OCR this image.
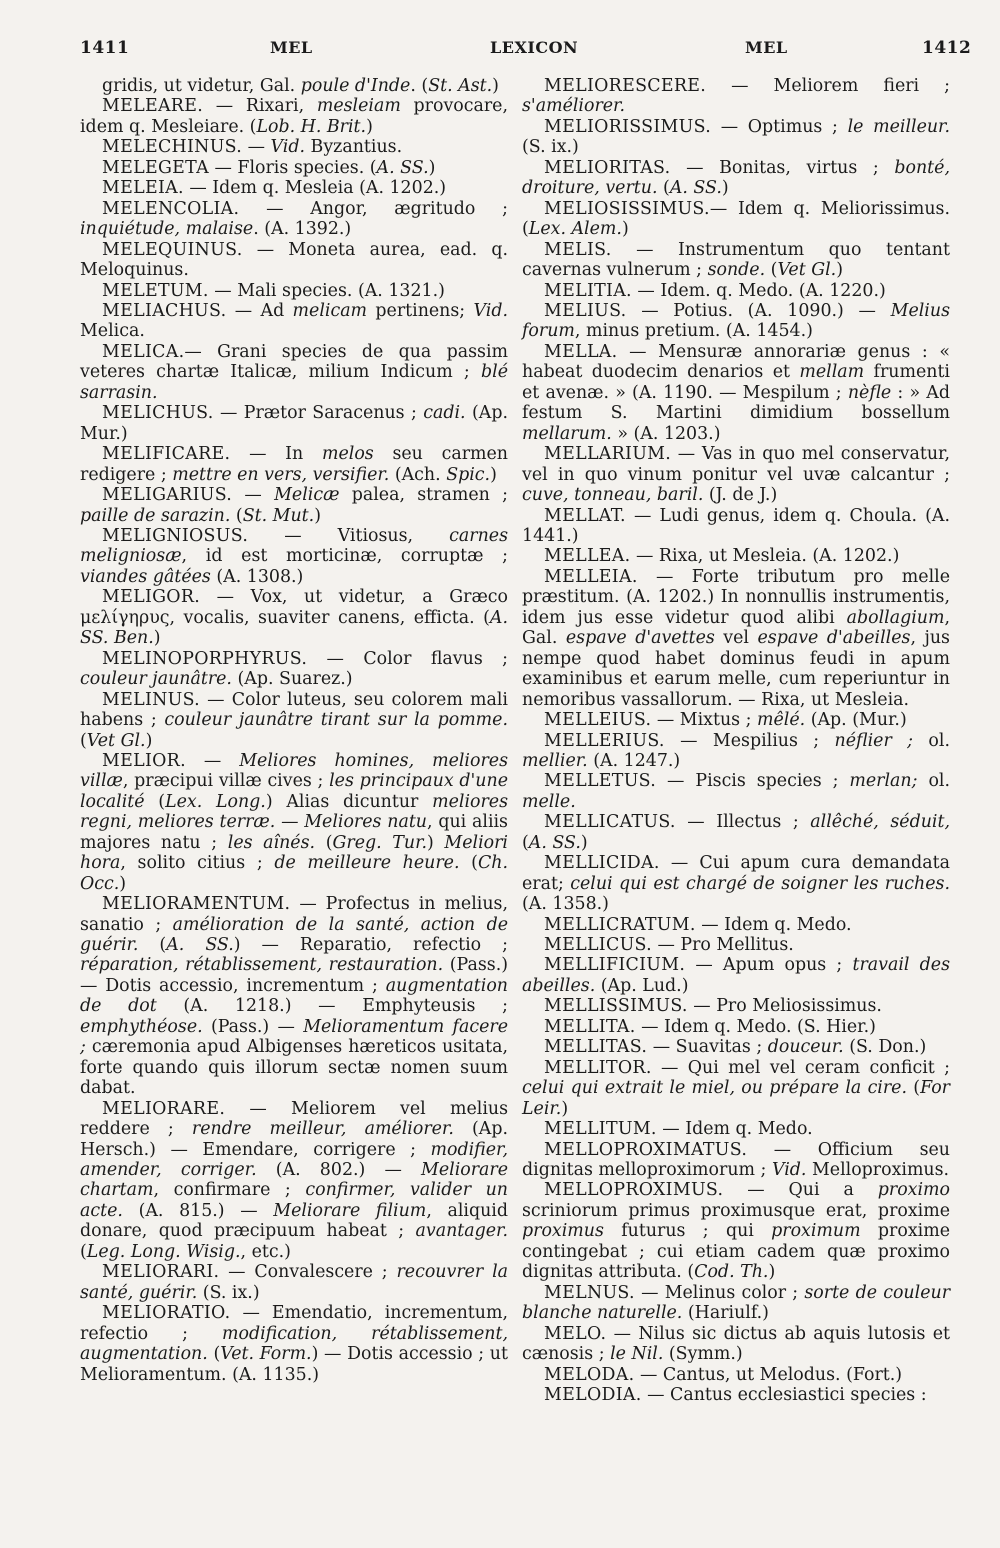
1411	MEL	LEXICON	MEL	1412
gridis, ut videtur, Gal. poule d'Inde. (St. Ast.)
MELEARE. — Rixari, mesleiam provocare, idem q. Mesleiare. (Lob. H. Brit.)
MELECHINUS. — Vid. Byzantius.
MELEGETA — Floris species. (A. SS.)
MELEIA. — Idem q. Mesleia (A. 1202.)
MELENCOLIA. — Angor, ægritudo ; inquiétude, malaise. (A. 1392.)
MELEQUINUS. — Moneta aurea, ead. q. Meloquinus.
MELETUM. — Mali species. (A. 1321.)
MELIACHUS. — Ad melicam pertinens; Vid. Melica.
MELICA.— Grani species de qua passim veteres chartæ Italicæ, milium Indicum ; blé sarrasin.
MELICHUS. — Prætor Saracenus ; cadi. (Ap. Mur.)
MELIFICARE. — In melos seu carmen redigere ; mettre en vers, versifier. (Ach. Spic.)
MELIGARIUS. — Melicæ palea, stramen ; paille de sarazin. (St. Mut.)
MELIGNIOSUS. — Vitiosus, carnes meligniosæ, id est morticinæ, corruptæ ; viandes gâtées (A. 1308.)
MELIGOR. — Vox, ut videtur, a Græco μελίγηρυς, vocalis, suaviter canens, efficta. (A. SS. Ben.)
MELINOPORPHYRUS. — Color flavus ; couleur jaunâtre. (Ap. Suarez.)
MELINUS. — Color luteus, seu colorem mali habens ; couleur jaunâtre tirant sur la pomme. (Vet Gl.)
MELIOR. — Meliores homines, meliores villæ, præcipui villæ cives ; les principaux d'une localité (Lex. Long.) Alias dicuntur meliores regni, meliores terræ. — Meliores natu, qui aliis majores natu ; les aînés. (Greg. Tur.) Meliori hora, solito citius ; de meilleure heure. (Ch. Occ.)
MELIORAMENTUM. — Profectus in melius, sanatio ; amélioration de la santé, action de guérir. (A. SS.) — Reparatio, refectio ; réparation, rétablissement, restauration. (Pass.) — Dotis accessio, incrementum ; augmentation de dot (A. 1218.) — Emphyteusis ; emphythéose. (Pass.) — Melioramentum facere ; cæremonia apud Albigenses hæreticos usitata, forte quando quis illorum sectæ nomen suum dabat.
MELIORARE. — Meliorem vel melius reddere ; rendre meilleur, améliorer. (Ap. Hersch.) — Emendare, corrigere ; modifier, amender, corriger. (A. 802.) — Meliorare chartam, confirmare ; confirmer, valider un acte. (A. 815.) — Meliorare filium, aliquid donare, quod præcipuum habeat ; avantager. (Leg. Long. Wisig., etc.)
MELIORARI. — Convalescere ; recouvrer la santé, guérir. (S. ix.)
MELIORATIO. — Emendatio, incrementum, refectio ; modification, rétablissement, augmentation. (Vet. Form.) — Dotis accessio ; ut Melioramentum. (A. 1135.)
MELIORESCERE. — Meliorem fieri ; s'améliorer.
MELIORISSIMUS. — Optimus ; le meilleur. (S. ix.)
MELIORITAS. — Bonitas, virtus ; bonté, droiture, vertu. (A. SS.)
MELIOSISSIMUS.— Idem q. Meliorissimus. (Lex. Alem.)
MELIS. — Instrumentum quo tentant cavernas vulnerum ; sonde. (Vet Gl.)
MELITIA. — Idem. q. Medo. (A. 1220.)
MELIUS. — Potius. (A. 1090.) — Melius forum, minus pretium. (A. 1454.)
MELLA. — Mensuræ annorariæ genus : « habeat duodecim denarios et mellam frumenti et avenæ. » (A. 1190. — Mespilum ; nèfle : » Ad festum S. Martini dimidium bossellum mellarum. » (A. 1203.)
MELLARIUM. — Vas in quo mel conservatur, vel in quo vinum ponitur vel uvæ calcantur ; cuve, tonneau, baril. (J. de J.)
MELLAT. — Ludi genus, idem q. Choula. (A. 1441.)
MELLEA. — Rixa, ut Mesleia. (A. 1202.)
MELLEIA. — Forte tributum pro melle præstitum. (A. 1202.) In nonnullis instrumentis, idem jus esse videtur quod alibi abollagium, Gal. espave d'avettes vel espave d'abeilles, jus nempe quod habet dominus feudi in apum examinibus et earum melle, cum reperiuntur in nemoribus vassallorum. — Rixa, ut Mesleia.
MELLEIUS. — Mixtus ; mêlé. (Ap. (Mur.)
MELLERIUS. — Mespilius ; néflier ; ol. mellier. (A. 1247.)
MELLETUS. — Piscis species ; merlan; ol. melle.
MELLICATUS. — Illectus ; allêché, séduit, (A. SS.)
MELLICIDA. — Cui apum cura demandata erat; celui qui est chargé de soigner les ruches. (A. 1358.)
MELLICRATUM. — Idem q. Medo.
MELLICUS. — Pro Mellitus.
MELLIFICIUM. — Apum opus ; travail des abeilles. (Ap. Lud.)
MELLISSIMUS. — Pro Meliosissimus.
MELLITA. — Idem q. Medo. (S. Hier.)
MELLITAS. — Suavitas ; douceur. (S. Don.)
MELLITOR. — Qui mel vel ceram conficit ; celui qui extrait le miel, ou prépare la cire. (For Leir.)
MELLITUM. — Idem q. Medo.
MELLOPROXIMATUS. — Officium seu dignitas melloproximorum ; Vid. Melloproximus.
MELLOPROXIMUS. — Qui a proximo scriniorum primus proximusque erat, proxime proximus futurus ; qui proximum proxime contingebat ; cui etiam cadem quæ proximo dignitas attributa. (Cod. Th.)
MELNUS. — Melinus color ; sorte de couleur blanche naturelle. (Hariulf.)
MELO. — Nilus sic dictus ab aquis lutosis et cænosis ; le Nil. (Symm.)
MELODA. — Cantus, ut Melodus. (Fort.)
MELODIA. — Cantus ecclesiastici species :
